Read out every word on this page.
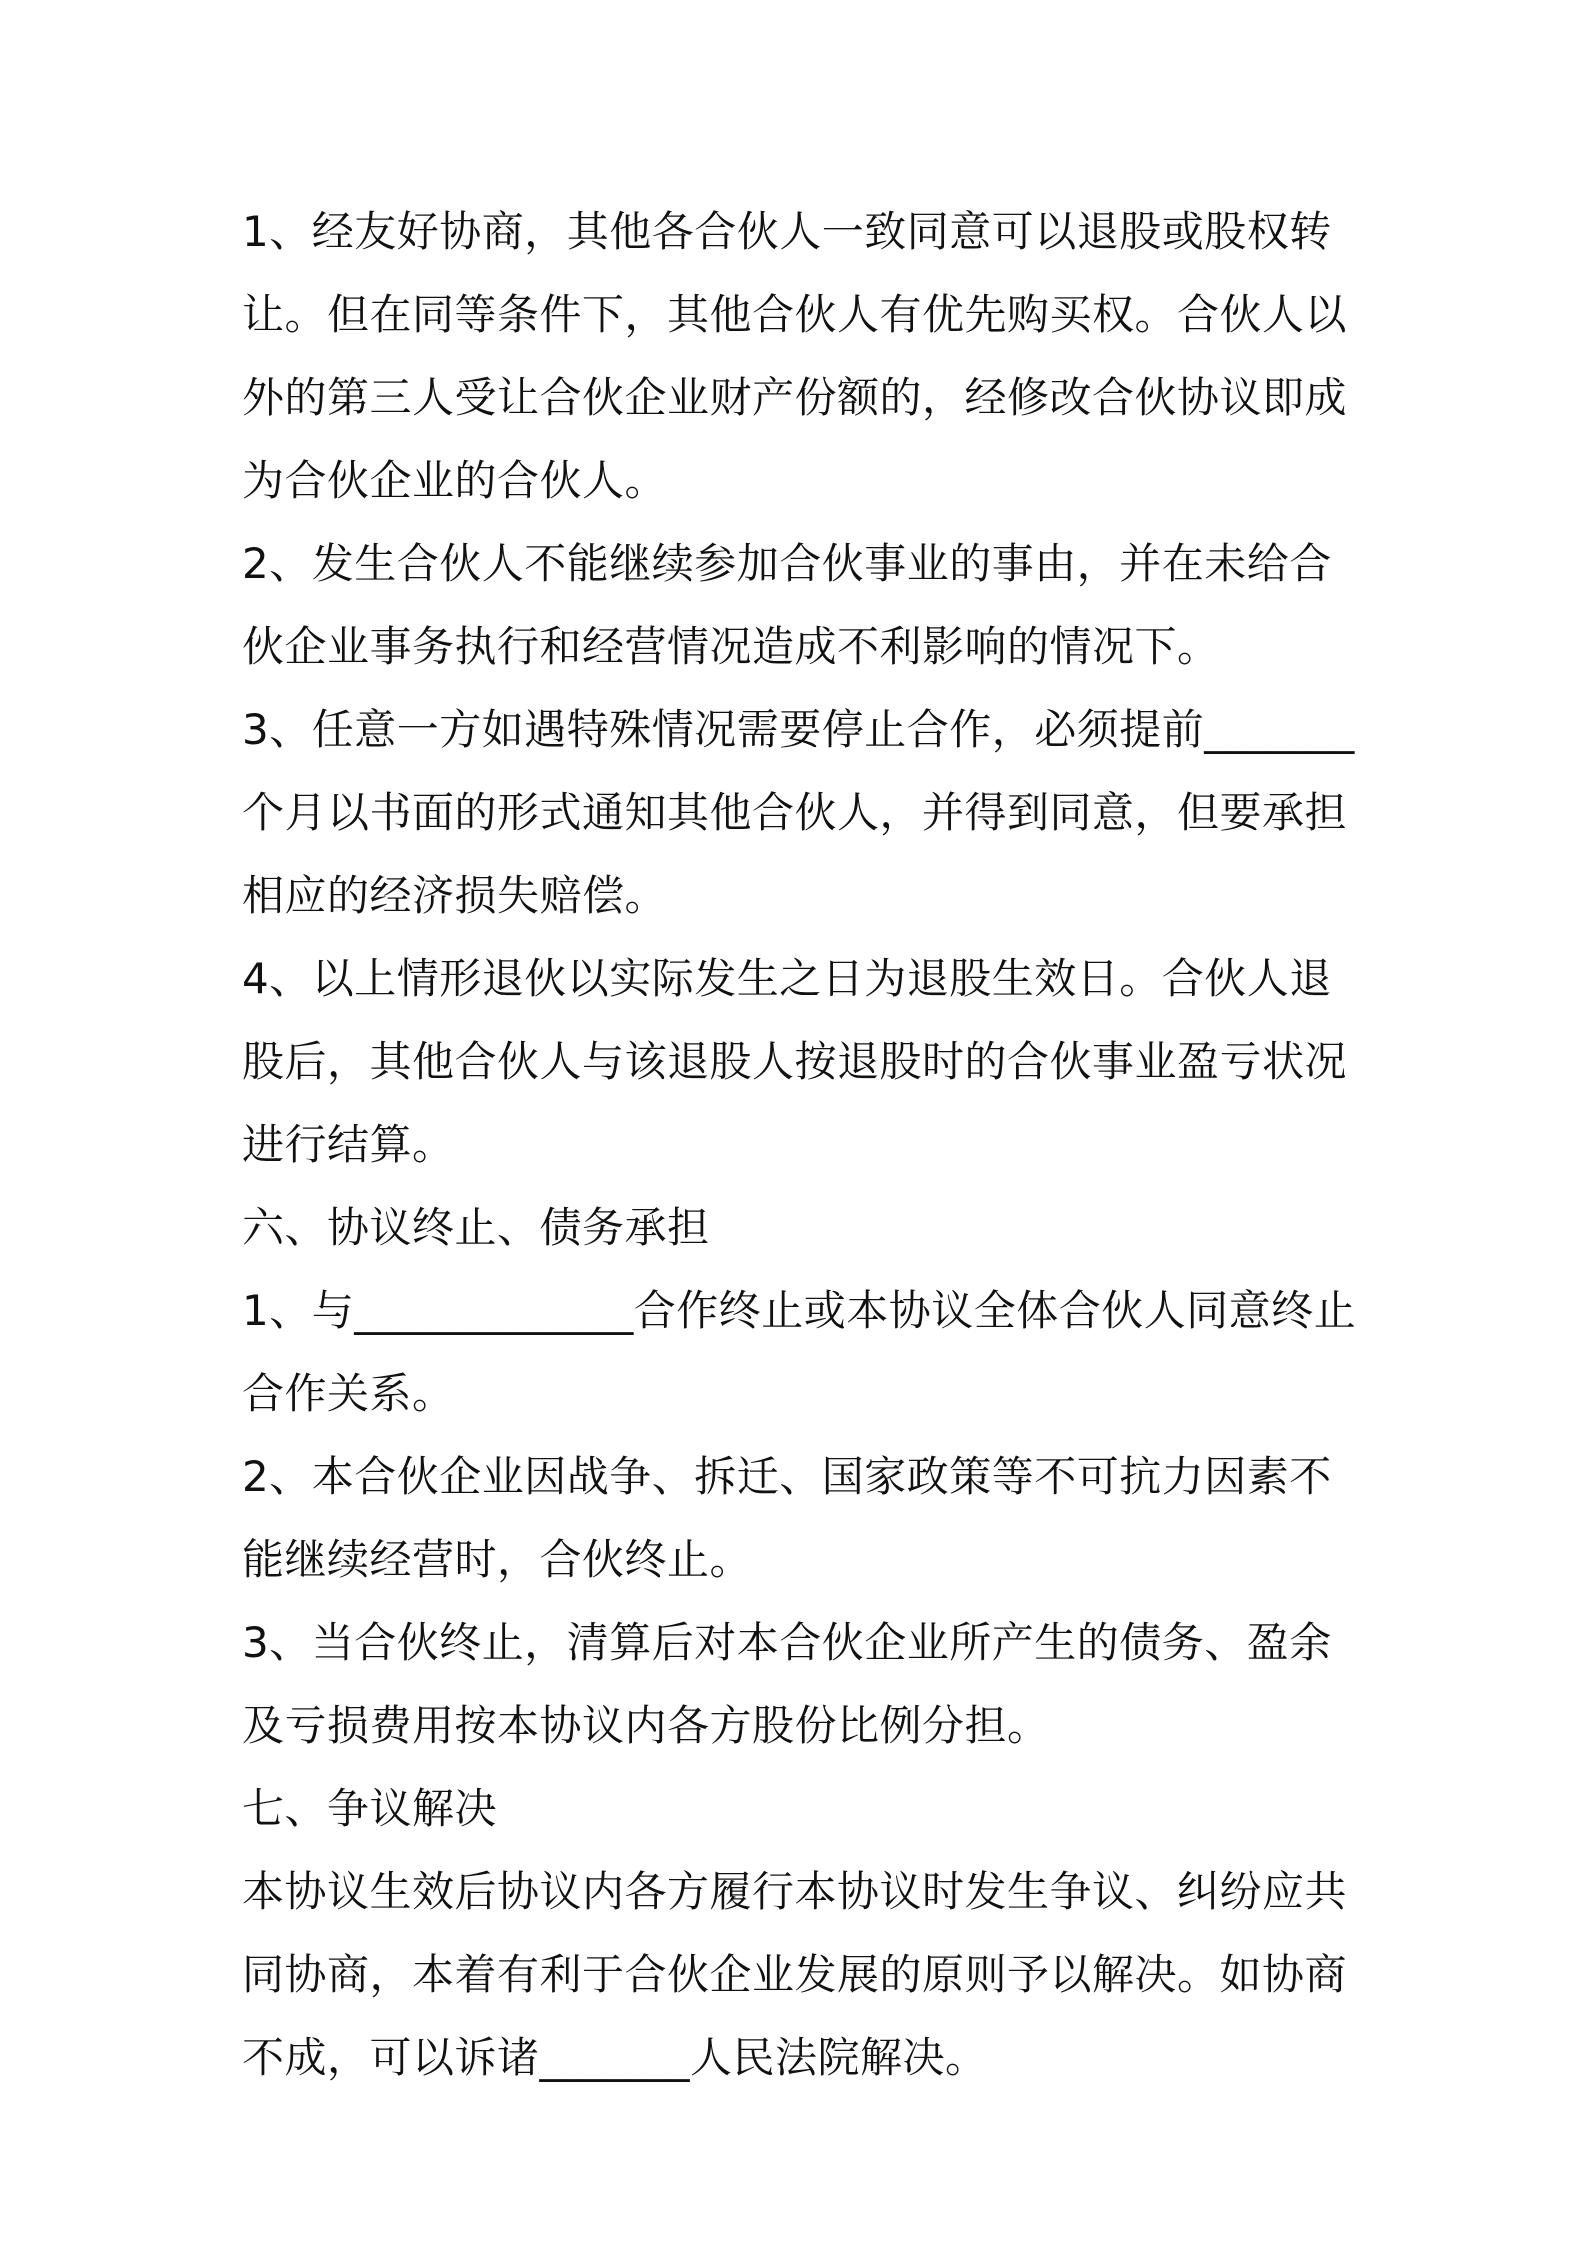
1、经友好协商，其他各合伙人一致同意可以退股或股权转让。但在同等条件下，其他合伙人有优先购买权。合伙人以外的第三人受让合伙企业财产份额的，经修改合伙协议即成为合伙企业的合伙人。

2、发生合伙人不能继续参加合伙事业的事由，并在未给合伙企业事务执行和经营情况造成不利影响的情况下。

3、任意一方如遇特殊情况需要停止合作，必须提前_______个月以书面的形式通知其他合伙人，并得到同意，但要承担相应的经济损失赔偿。

4、以上情形退伙以实际发生之日为退股生效日。合伙人退股后，其他合伙人与该退股人按退股时的合伙事业盈亏状况进行结算。

六、协议终止、债务承担

1、与_____________合作终止或本协议全体合伙人同意终止合作关系。

2、本合伙企业因战争、拆迁、国家政策等不可抗力因素不能继续经营时，合伙终止。

3、当合伙终止，清算后对本合伙企业所产生的债务、盈余及亏损费用按本协议内各方股份比例分担。

七、争议解决

本协议生效后协议内各方履行本协议时发生争议、纠纷应共同协商，本着有利于合伙企业发展的原则予以解决。如协商不成，可以诉诸_______人民法院解决。
